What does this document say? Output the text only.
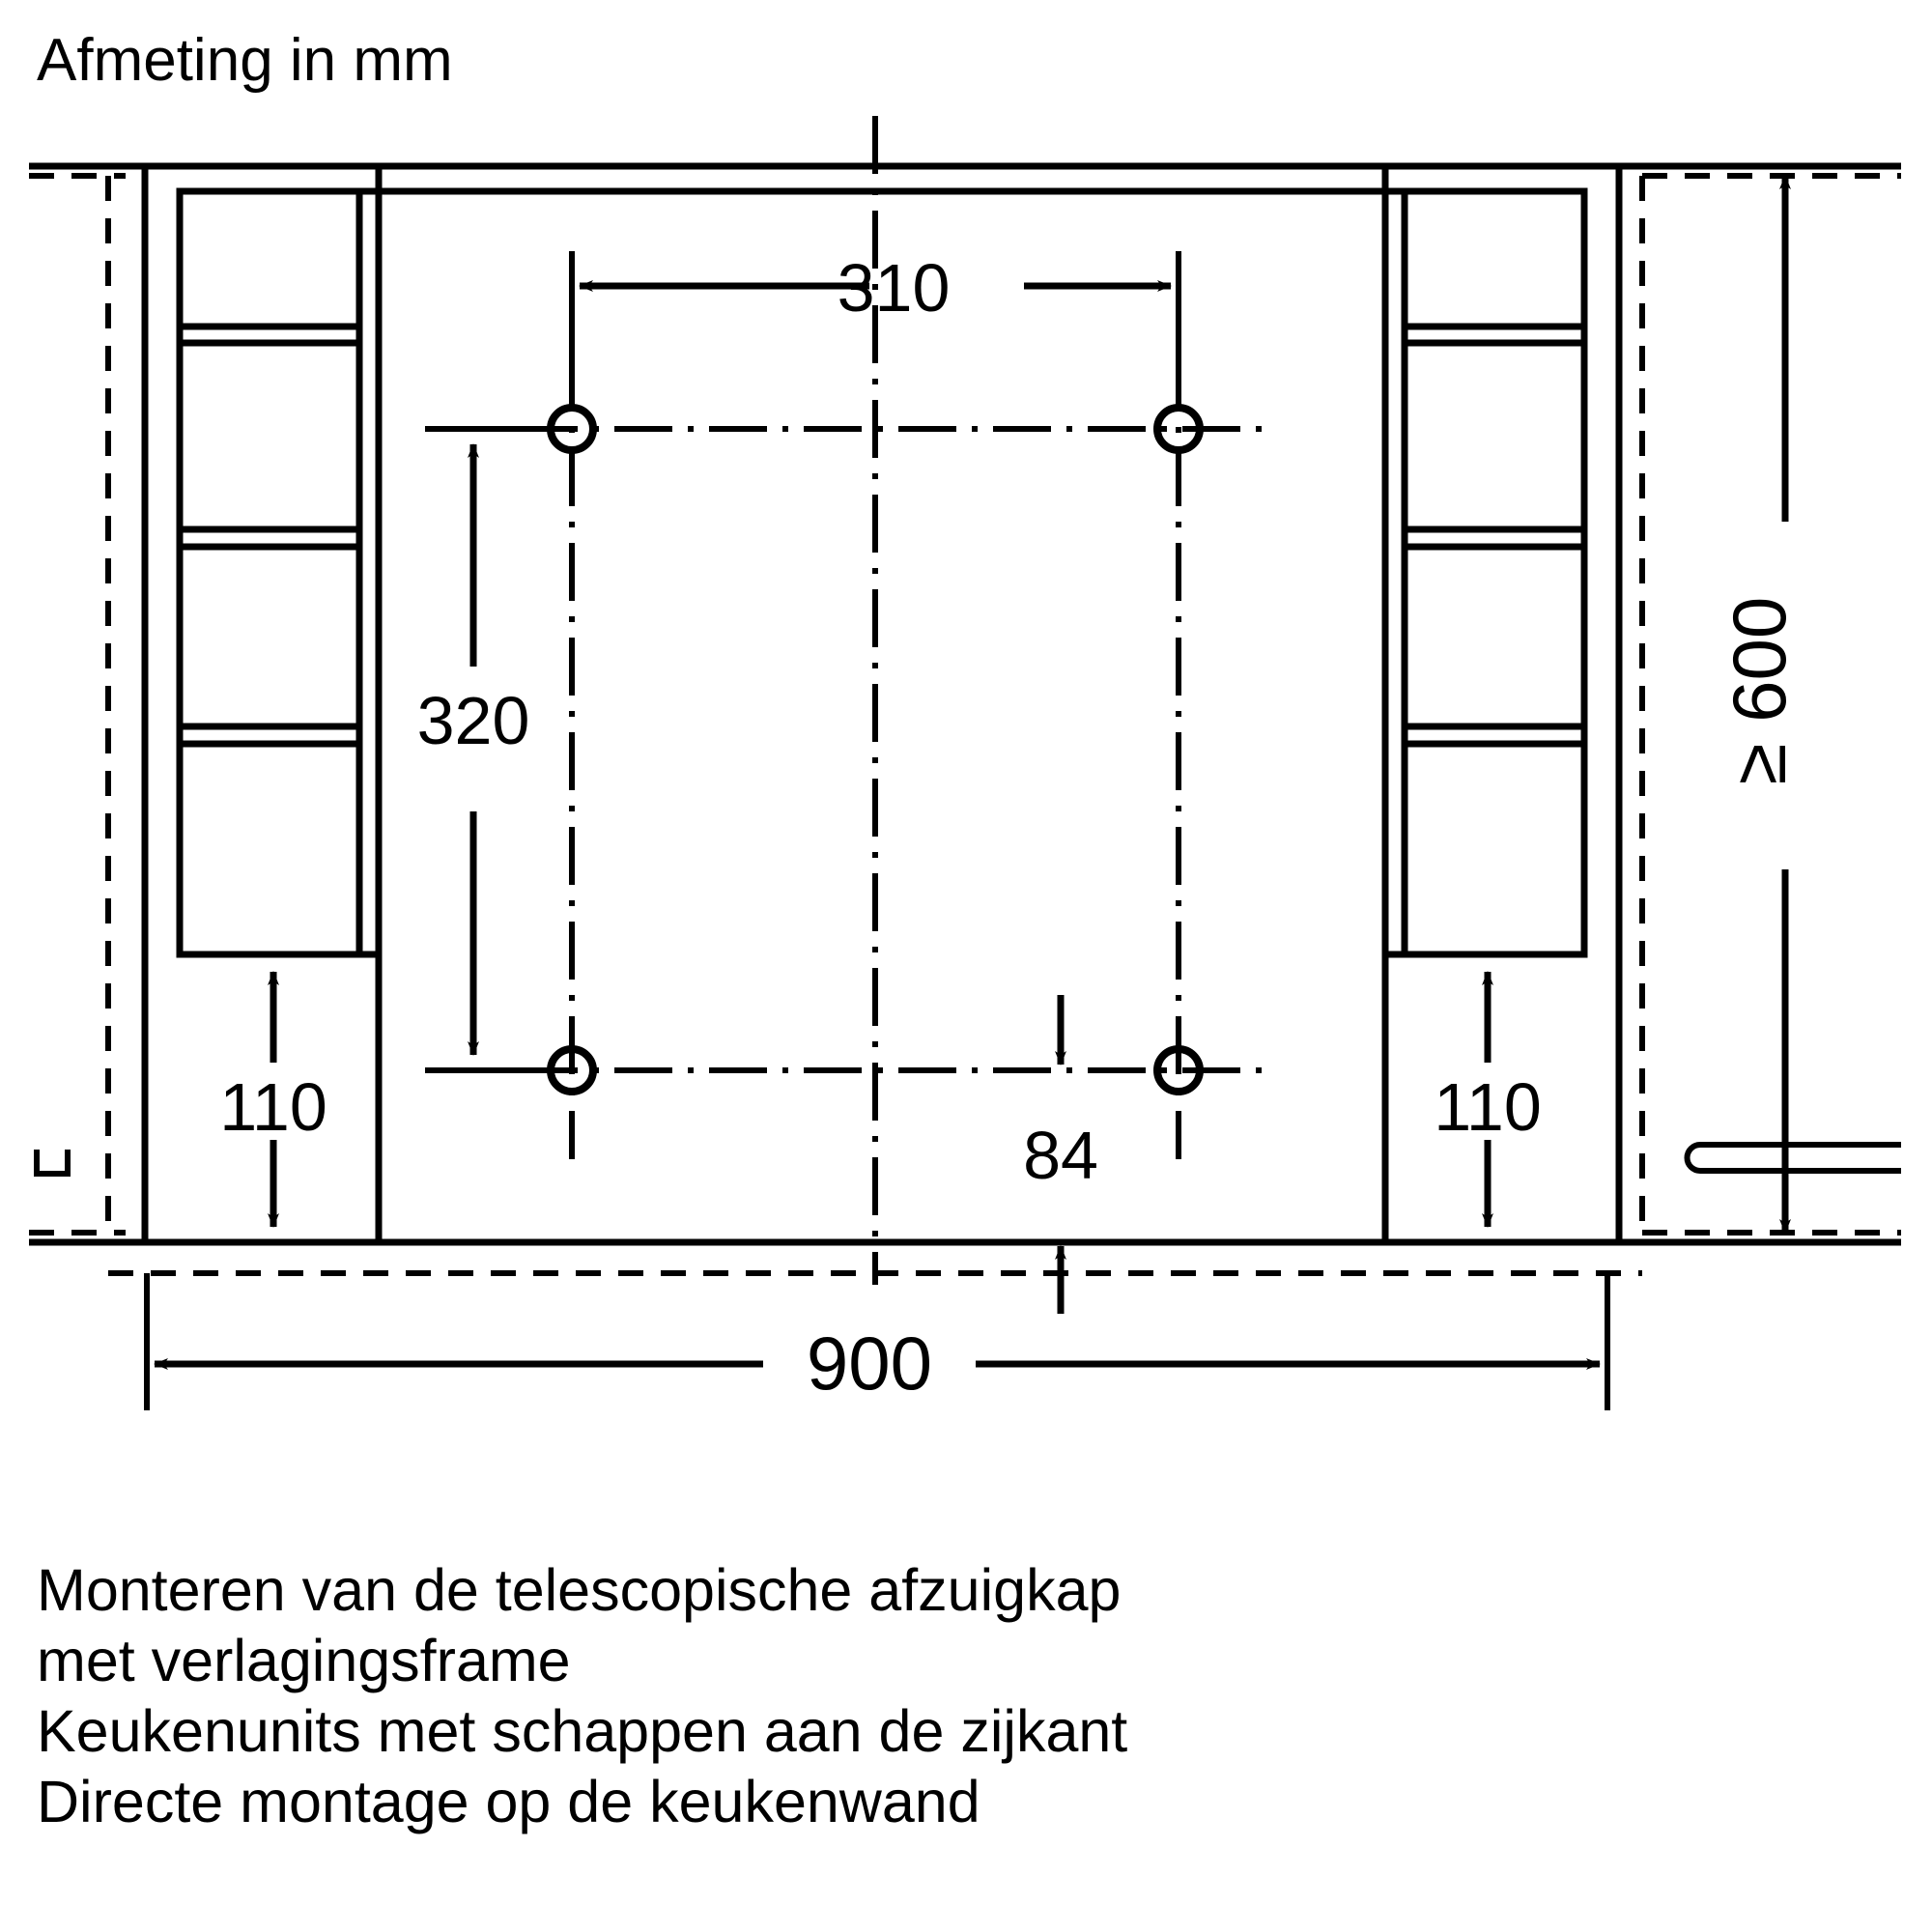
Afmeting in mm
310
320
110	110
84
≥ 600
900
Monteren van de telescopische afzuigkap
met verlagingsframe
Keukenunits met schappen aan de zijkant
Directe montage op de keukenwand
